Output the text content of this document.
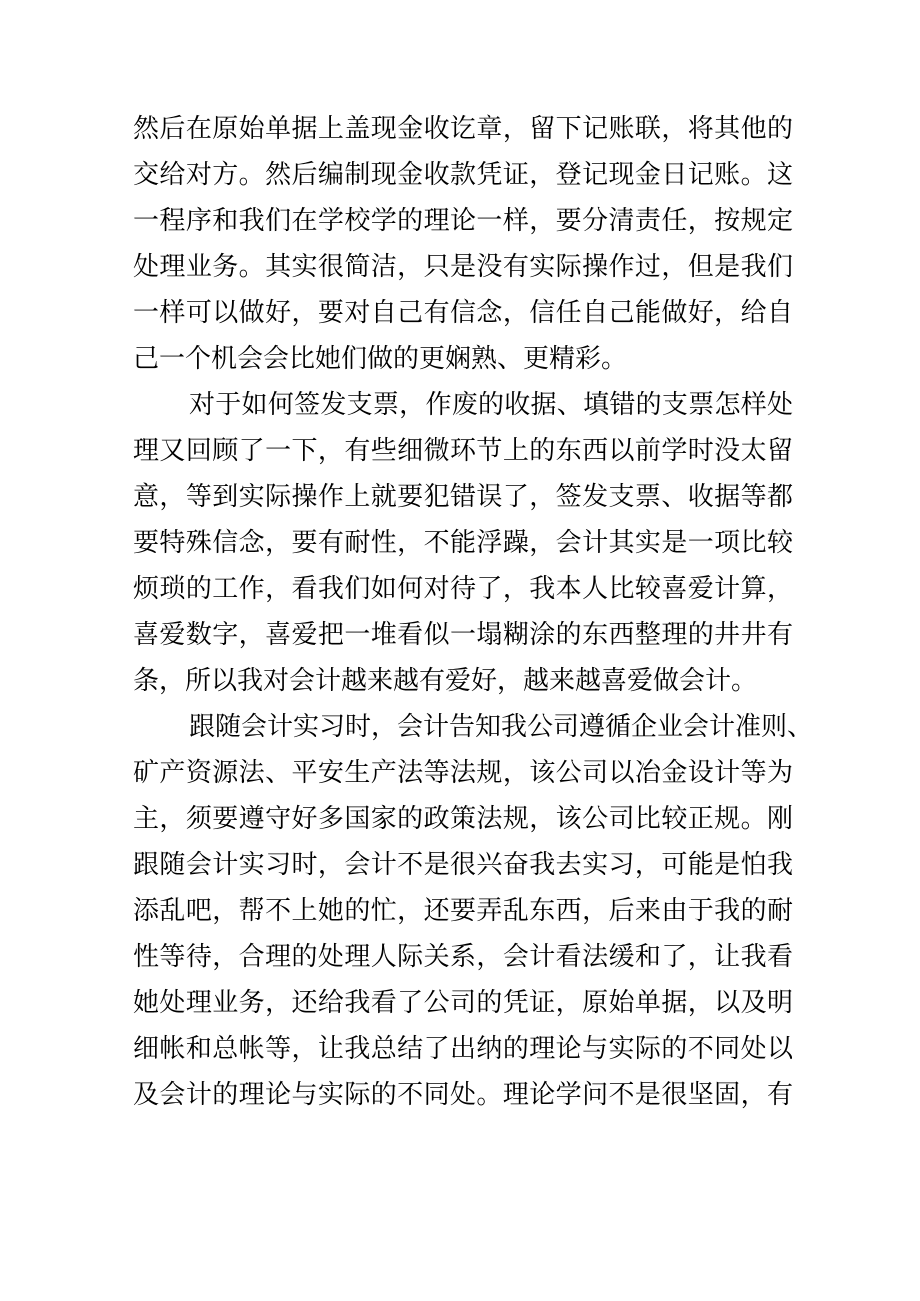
然后在原始单据上盖现金收讫章，留下记账联，将其他的
交给对方。然后编制现金收款凭证，登记现金日记账。这
一程序和我们在学校学的理论一样，要分清责任，按规定
处理业务。其实很简洁，只是没有实际操作过，但是我们
一样可以做好，要对自己有信念，信任自己能做好，给自
己一个机会会比她们做的更娴熟、更精彩。
对于如何签发支票，作废的收据、填错的支票怎样处
理又回顾了一下，有些细微环节上的东西以前学时没太留
意，等到实际操作上就要犯错误了，签发支票、收据等都
要特殊信念，要有耐性，不能浮躁，会计其实是一项比较
烦琐的工作，看我们如何对待了，我本人比较喜爱计算，
喜爱数字，喜爱把一堆看似一塌糊涂的东西整理的井井有
条，所以我对会计越来越有爱好，越来越喜爱做会计。
跟随会计实习时，会计告知我公司遵循企业会计准则、
矿产资源法、平安生产法等法规，该公司以冶金设计等为
主，须要遵守好多国家的政策法规，该公司比较正规。刚
跟随会计实习时，会计不是很兴奋我去实习，可能是怕我
添乱吧，帮不上她的忙，还要弄乱东西，后来由于我的耐
性等待，合理的处理人际关系，会计看法缓和了，让我看
她处理业务，还给我看了公司的凭证，原始单据，以及明
细帐和总帐等，让我总结了出纳的理论与实际的不同处以
及会计的理论与实际的不同处。理论学问不是很坚固，有
